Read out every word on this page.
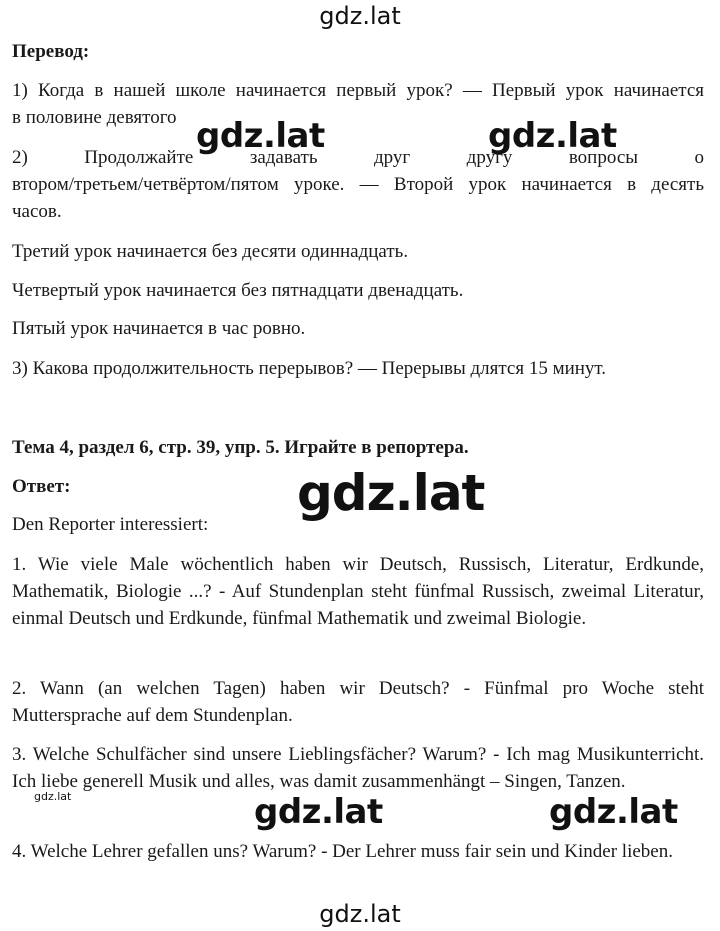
gdz.lat
Перевод:
1) Когда в нашей школе начинается первый урок? — Первый урок начинается
в половине девятого
2) Продолжайте задавать друг другу вопросы о
втором/третьем/четвёртом/пятом уроке. — Второй урок начинается в десять
часов.
Третий урок начинается без десяти одиннадцать.
Четвертый урок начинается без пятнадцати двенадцать.
Пятый урок начинается в час ровно.
3) Какова продолжительность перерывов? — Перерывы длятся 15 минут.
Тема 4, раздел 6, стр. 39, упр. 5. Играйте в репортера.
Ответ:
Den Reporter interessiert:
1. Wie viele Male wöchentlich haben wir Deutsch, Russisch, Literatur, Erdkunde, Mathematik, Biologie ...? - Auf Stundenplan steht fünfmal Russisch, zweimal Literatur, einmal Deutsch und Erdkunde, fünfmal Mathematik und zweimal Biologie.
2. Wann (an welchen Tagen) haben wir Deutsch? - Fünfmal pro Woche steht Muttersprache auf dem Stundenplan.
3. Welche Schulfächer sind unsere Lieblingsfächer? Warum? - Ich mag Musikunterricht. Ich liebe generell Musik und alles, was damit zusammenhängt – Singen, Tanzen.
4. Welche Lehrer gefallen uns? Warum? - Der Lehrer muss fair sein und Kinder lieben.
gdz.lat	gdz.lat
gdz.lat
gdz.lat	gdz.lat	gdz.lat
gdz.lat
